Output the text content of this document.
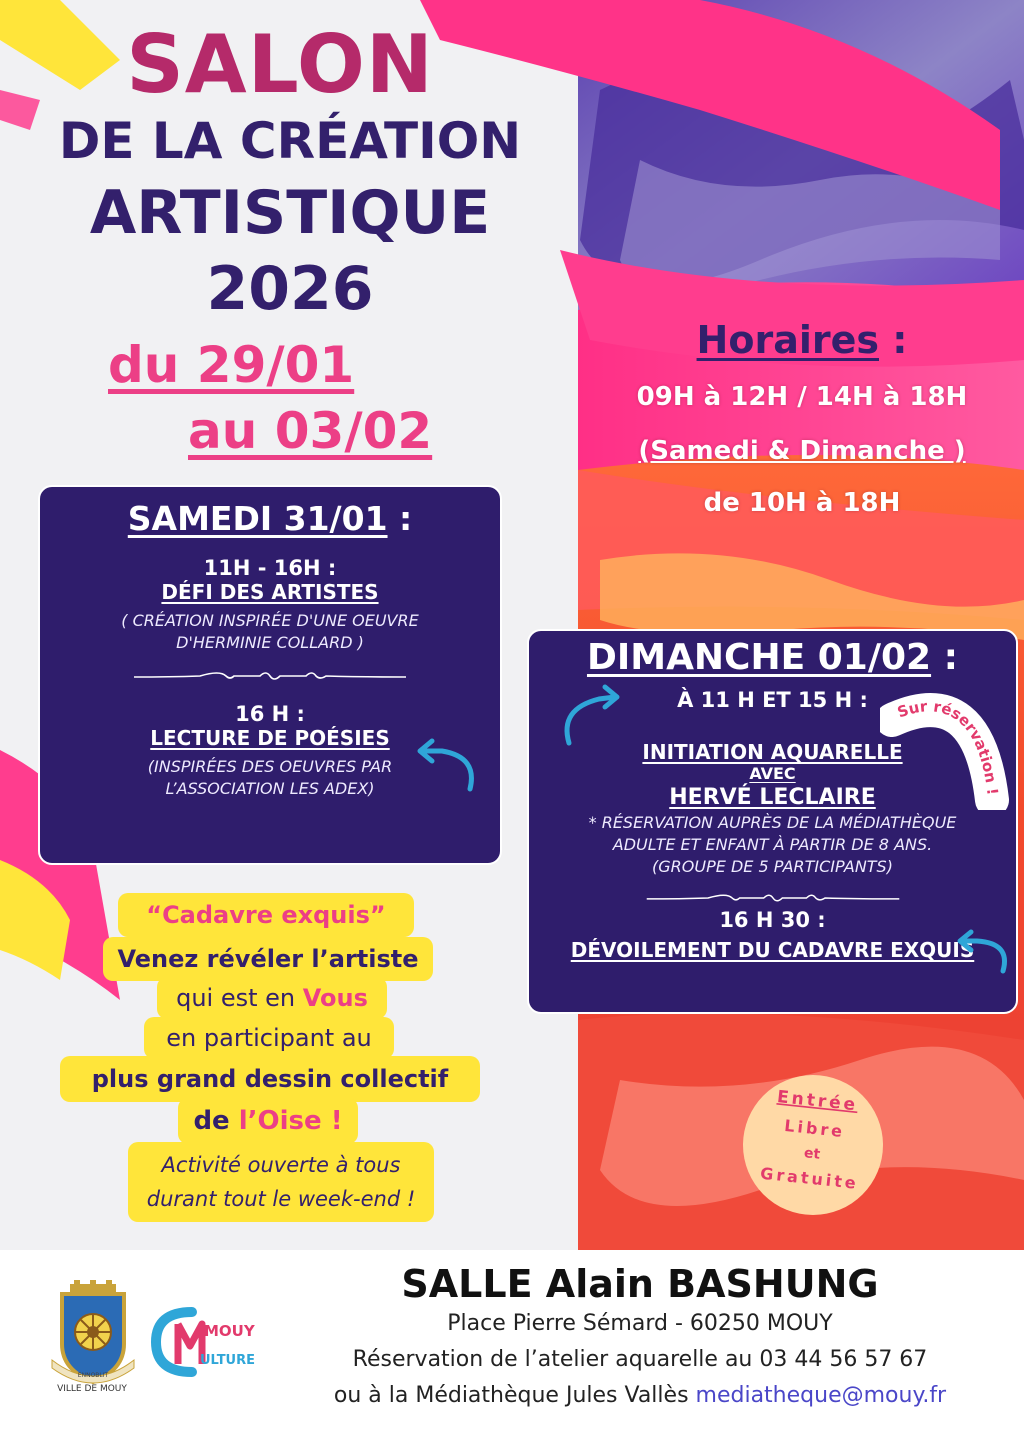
SALON
DE LA CRÉATION
ARTISTIQUE
2026
du 29/01
au 03/02
Horaires :
09H à 12H / 14H à 18H
(Samedi & Dimanche )
de 10H à 18H
SAMEDI 31/01 :
11H - 16H :
DÉFI DES ARTISTES
( CRÉATION INSPIRÉE D'UNE OEUVRE
D'HERMINIE COLLARD )
16 H :
LECTURE DE POÉSIES
(INSPIRÉES DES OEUVRES PAR
L’ASSOCIATION LES ADEX)
DIMANCHE 01/02 :
À 11 H ET 15 H :
INITIATION AQUARELLE
AVEC
HERVÉ LECLAIRE
* RÉSERVATION AUPRÈS DE LA MÉDIATHÈQUE
ADULTE ET ENFANT À PARTIR DE 8 ANS.
(GROUPE DE 5 PARTICIPANTS)
16 H 30 :
DÉVOILEMENT DU CADAVRE EXQUIS
Sur réservation !
“Cadavre exquis”
Venez révéler l’artiste
qui est en Vous
en participant au
plus grand dessin collectif
de l’Oise !
Activité ouverte à tous
durant tout le week-end !
Entrée
Libre
et
Gratuite
ENNOBLIT
VILLE DE MOUY
MOUY
ULTURE
SALLE Alain BASHUNG
Place Pierre Sémard - 60250 MOUY
Réservation de l’atelier aquarelle au 03 44 56 57 67
ou à la Médiathèque Jules Vallès mediatheque@mouy.fr
